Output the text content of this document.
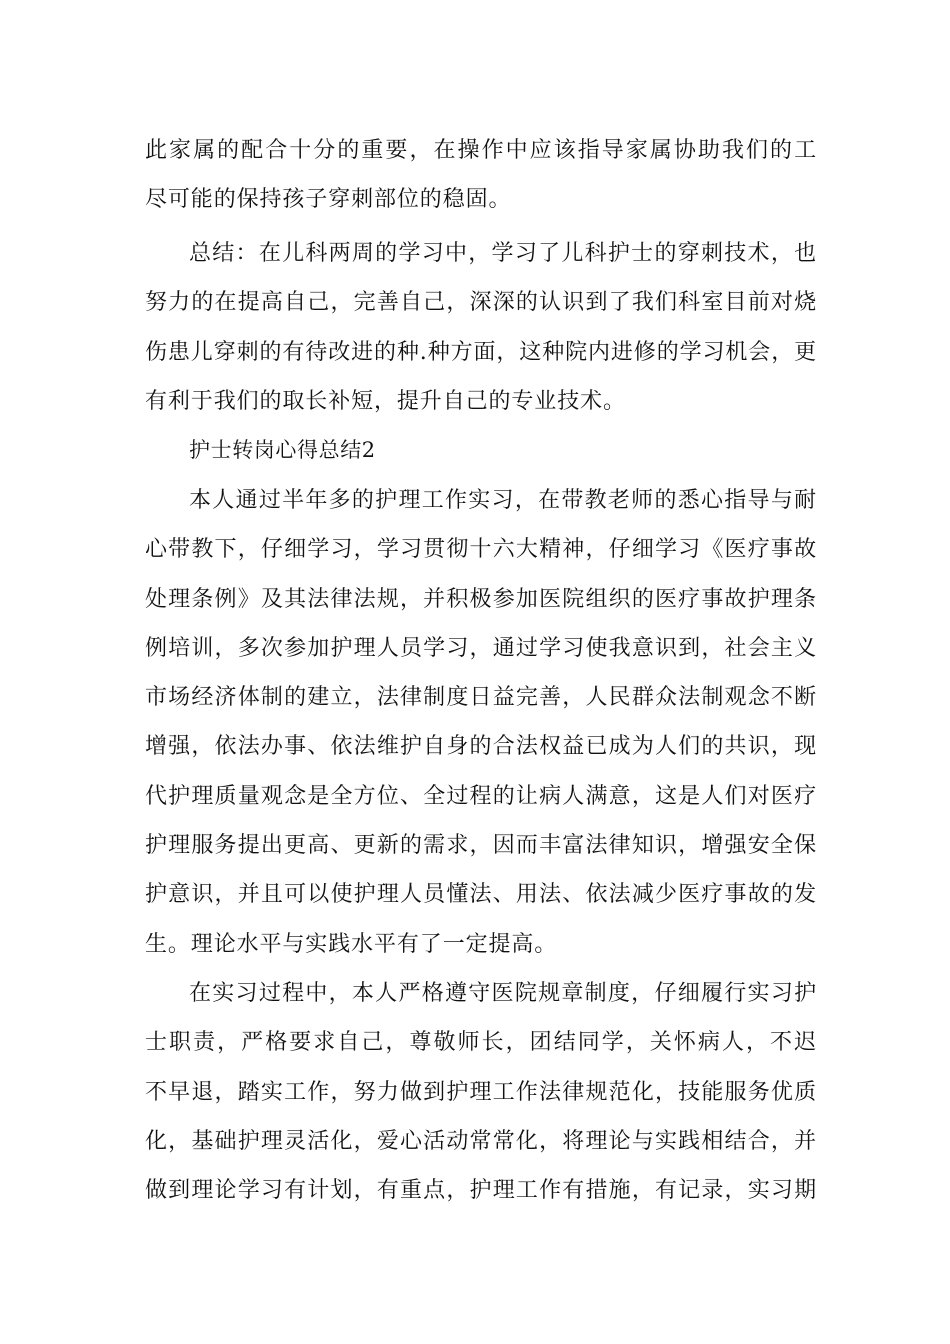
此家属的配合十分的重要，在操作中应该指导家属协助我们的工
尽可能的保持孩子穿刺部位的稳固。
总结：在儿科两周的学习中，学习了儿科护士的穿刺技术，也
努力的在提高自己，完善自己，深深的认识到了我们科室目前对烧
伤患儿穿刺的有待改进的种.种方面，这种院内进修的学习机会，更
有利于我们的取长补短，提升自己的专业技术。
护士转岗心得总结2
本人通过半年多的护理工作实习，在带教老师的悉心指导与耐
心带教下，仔细学习，学习贯彻十六大精神，仔细学习《医疗事故
处理条例》及其法律法规，并积极参加医院组织的医疗事故护理条
例培训，多次参加护理人员学习，通过学习使我意识到，社会主义
市场经济体制的建立，法律制度日益完善，人民群众法制观念不断
增强，依法办事、依法维护自身的合法权益已成为人们的共识，现
代护理质量观念是全方位、全过程的让病人满意，这是人们对医疗
护理服务提出更高、更新的需求，因而丰富法律知识，增强安全保
护意识，并且可以使护理人员懂法、用法、依法减少医疗事故的发
生。理论水平与实践水平有了一定提高。
在实习过程中，本人严格遵守医院规章制度，仔细履行实习护
士职责，严格要求自己，尊敬师长，团结同学，关怀病人，不迟
不早退，踏实工作，努力做到护理工作法律规范化，技能服务优质
化，基础护理灵活化，爱心活动常常化，将理论与实践相结合，并
做到理论学习有计划，有重点，护理工作有措施，有记录，实习期
